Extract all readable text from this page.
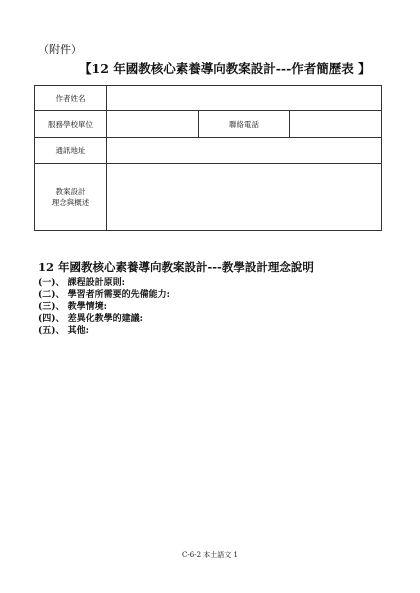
（附件）
【12 年國教核心素養導向教案設計---作者簡歷表 】
作者姓名			
服務學校單位		聯絡電話	
通訊地址			
教案設計
理念與概述			
12 年國教核心素養導向教案設計---教學設計理念說明
(一)、 課程設計原則:
(二)、 學習者所需要的先備能力:
(三)、 教學情境:
(四)、 差異化教學的建議:
(五)、 其他:
C-6-2 本土語文 1
